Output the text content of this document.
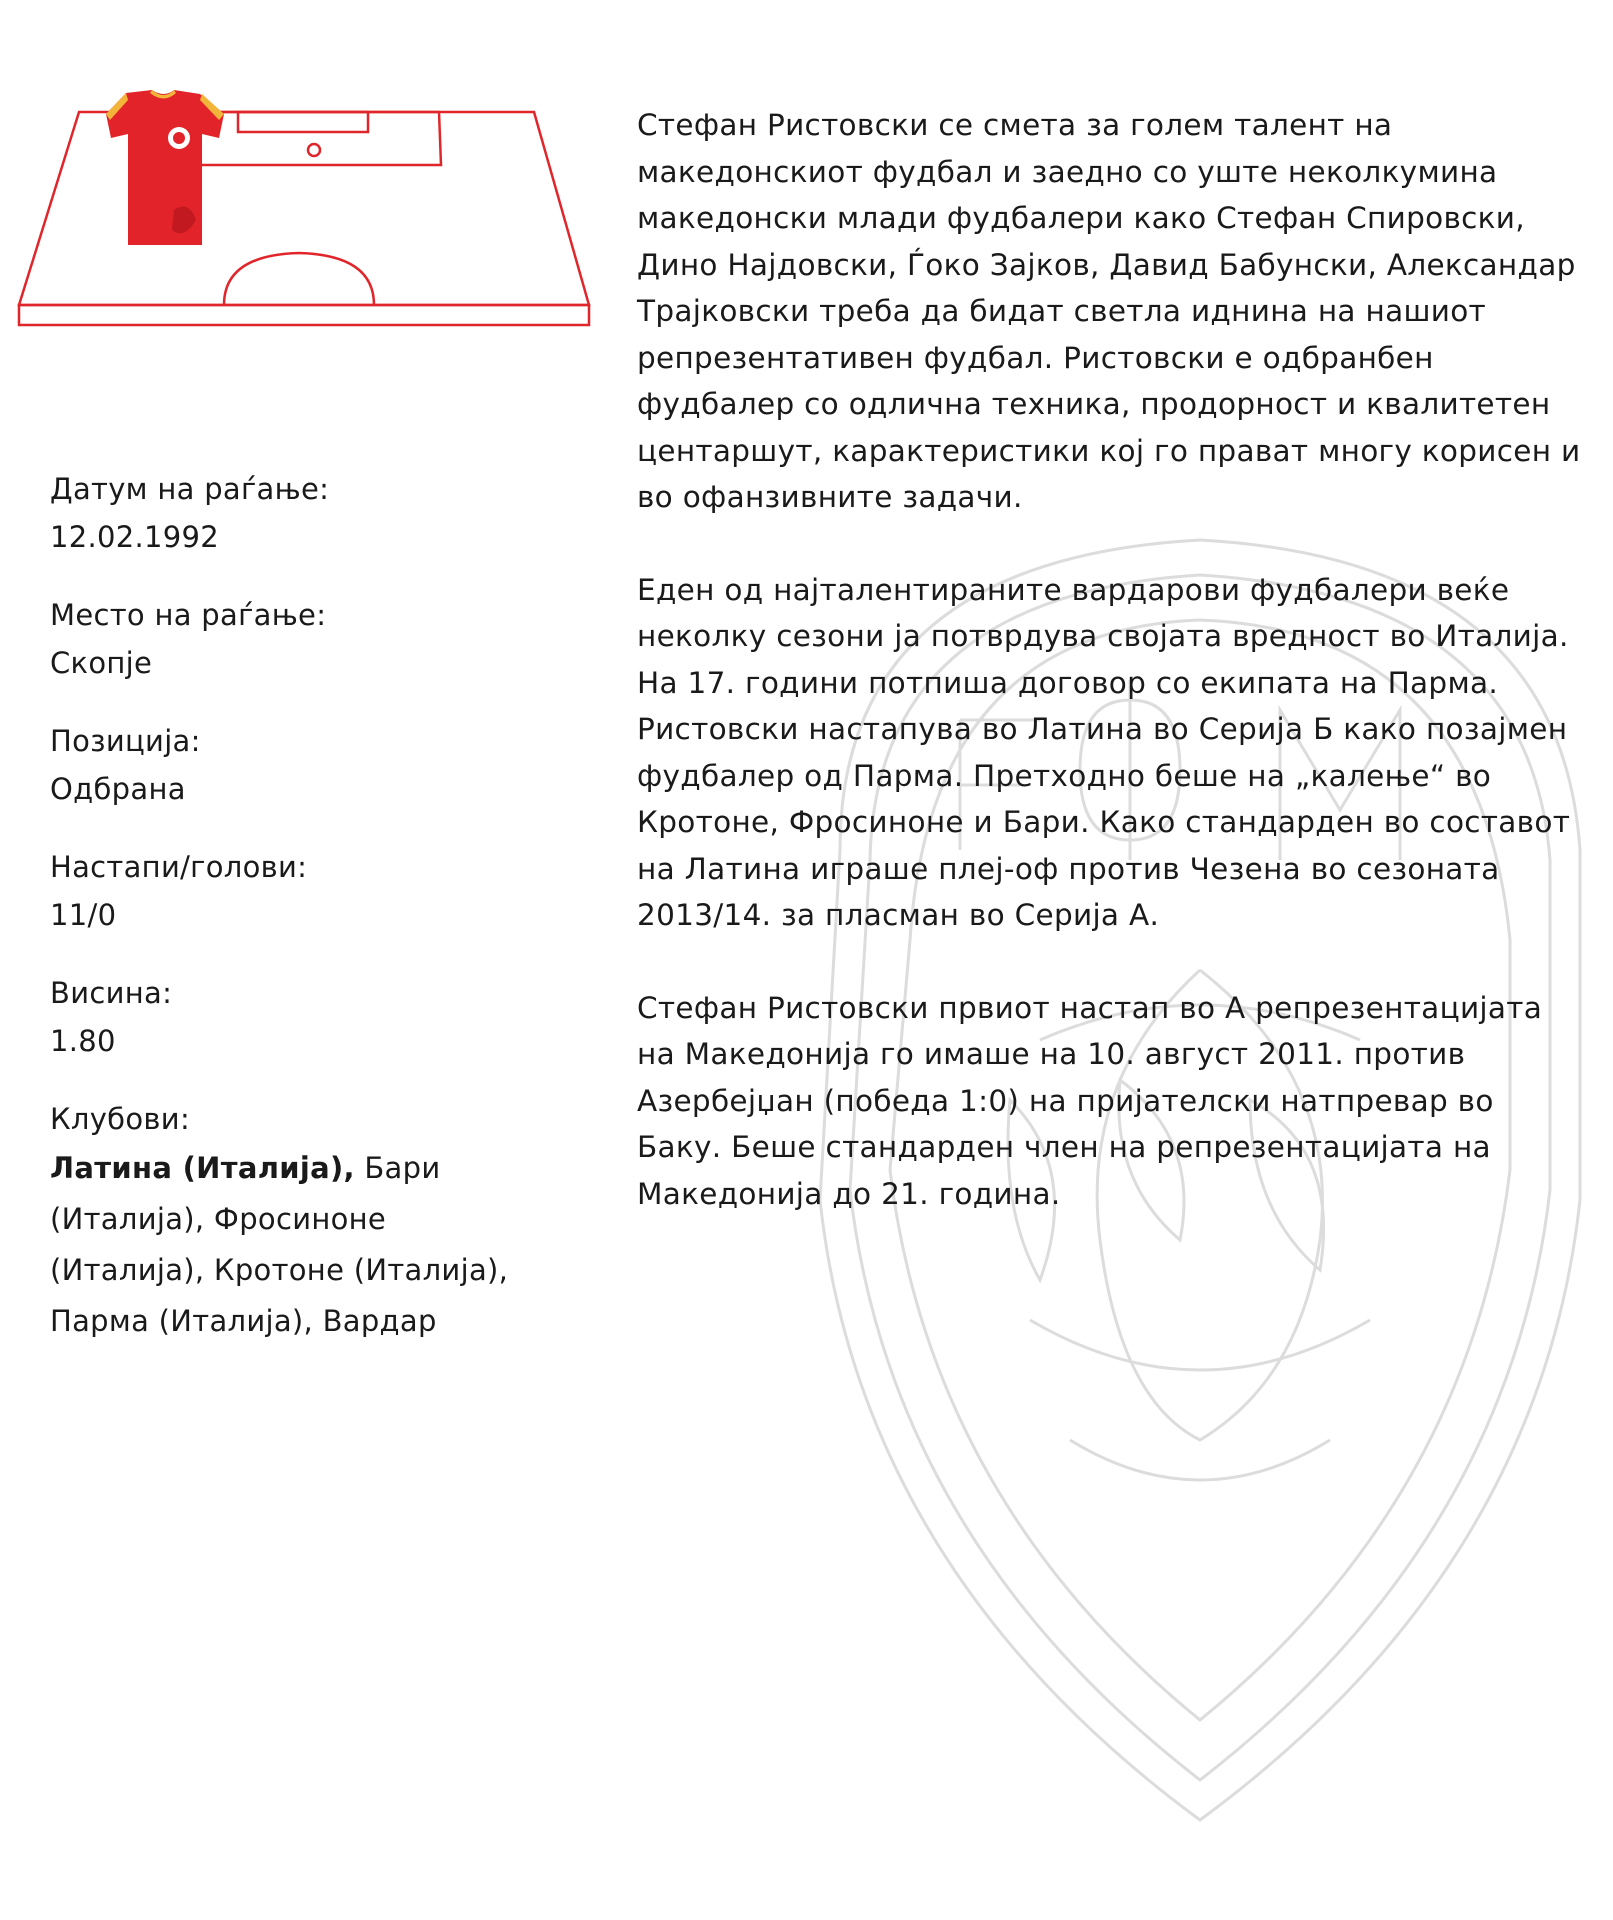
Датум на раѓање:
12.02.1992
Место на раѓање:
Скопје
Позиција:
Одбрана
Настапи/голови:
11/0
Висина:
1.80
Клубови:
Латина (Италија), Бари (Италија), Фросиноне (Италија), Кротоне (Италија), Парма (Италија), Вардар

Стефан Ристовски се смета за голем талент на македонскиот фудбал и заедно со уште неколкумина македонски млади фудбалери како Стефан Спировски, Дино Најдовски, Ѓоко Зајков, Давид Бабунски, Александар Трајковски треба да бидат светла иднина на нашиот репрезентативен фудбал. Ристовски е одбранбен фудбалер со одлична техника, продорност и квалитетен центаршут, карактеристики кој го прават многу корисен и во офанзивните задачи.

Еден од најталентираните вардарови фудбалери веќе неколку сезони ја потврдува својата вредност во Италија. На 17. години потпиша договор со екипата на Парма. Ристовски настапува во Латина во Серија Б како позајмен фудбалер од Парма. Претходно беше на „калење“ во Кротоне, Фросиноне и Бари. Како стандарден во составот на Латина играше плеј-оф против Чезена во сезоната 2013/14. за пласман во Серија А.

Стефан Ристовски првиот настап во А репрезентацијата на Македонија го имаше на 10. август 2011. против Азербејџан (победа 1:0) на пријателски натпревар во Баку. Беше стандарден член на репрезентацијата на Македонија до 21. година.
